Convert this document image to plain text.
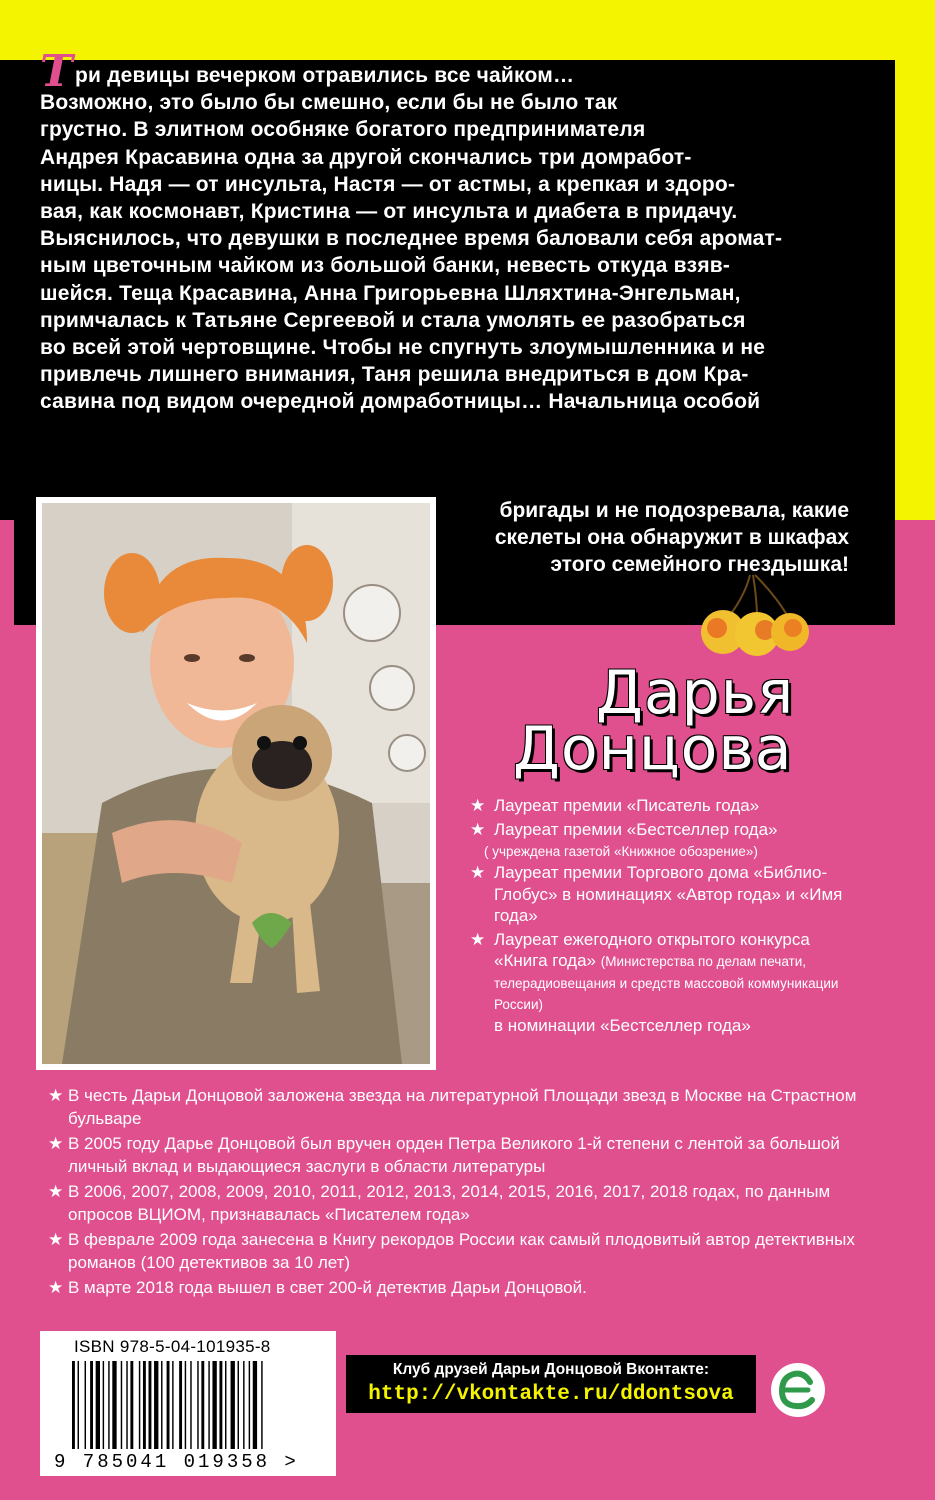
Три девицы вечерком отравились все чайком…
Возможно, это было бы смешно, если бы не было так
грустно. В элитном особняке богатого предпринимателя
Андрея Красавина одна за другой скончались три домработ-
ницы. Надя — от инсульта, Настя — от астмы, а крепкая и здоро-
вая, как космонавт, Кристина — от инсульта и диабета в придачу.
Выяснилось, что девушки в последнее время баловали себя аромат-
ным цветочным чайком из большой банки, невесть откуда взяв-
шейся. Теща Красавина, Анна Григорьевна Шляхтина-Энгельман,
примчалась к Татьяне Сергеевой и стала умолять ее разобраться
во всей этой чертовщине. Чтобы не спугнуть злоумышленника и не
привлечь лишнего внимания, Таня решила внедриться в дом Кра-
савина под видом очередной домработницы… Начальница особой
бригады и не подозревала, какие
скелеты она обнаружит в шкафах
этого семейного гнездышка!
Дарья
Донцова
★ Лауреат премии «Писатель года»
★ Лауреат премии «Бестселлер года»
( учреждена газетой «Книжное обозрение»)
★ Лауреат премии Торгового дома «Библио-Глобус» в номинациях «Автор года» и «Имя года»
★ Лауреат ежегодного открытого конкурса «Книга года» (Министерства по делам печати, телерадиовещания и средств массовой коммуникации России)
в номинации «Бестселлер года»
★ В честь Дарьи Донцовой заложена звезда на литературной Площади звезд в Москве на Страстном бульваре
★ В 2005 году Дарье Донцовой был вручен орден Петра Великого 1-й степени с лентой за большой личный вклад и выдающиеся заслуги в области литературы
★ В 2006, 2007, 2008, 2009, 2010, 2011, 2012, 2013, 2014, 2015, 2016, 2017, 2018 годах, по данным опросов ВЦИОМ, признавалась «Писателем года»
★ В феврале 2009 года занесена в Книгу рекордов России как самый плодовитый автор детективных романов (100 детективов за 10 лет)
★ В марте 2018 года вышел в свет 200-й детектив Дарьи Донцовой.
ISBN 978-5-04-101935-8
9 785041 019358 >
Клуб друзей Дарьи Донцовой Вконтакте:
http://vkontakte.ru/ddontsova
